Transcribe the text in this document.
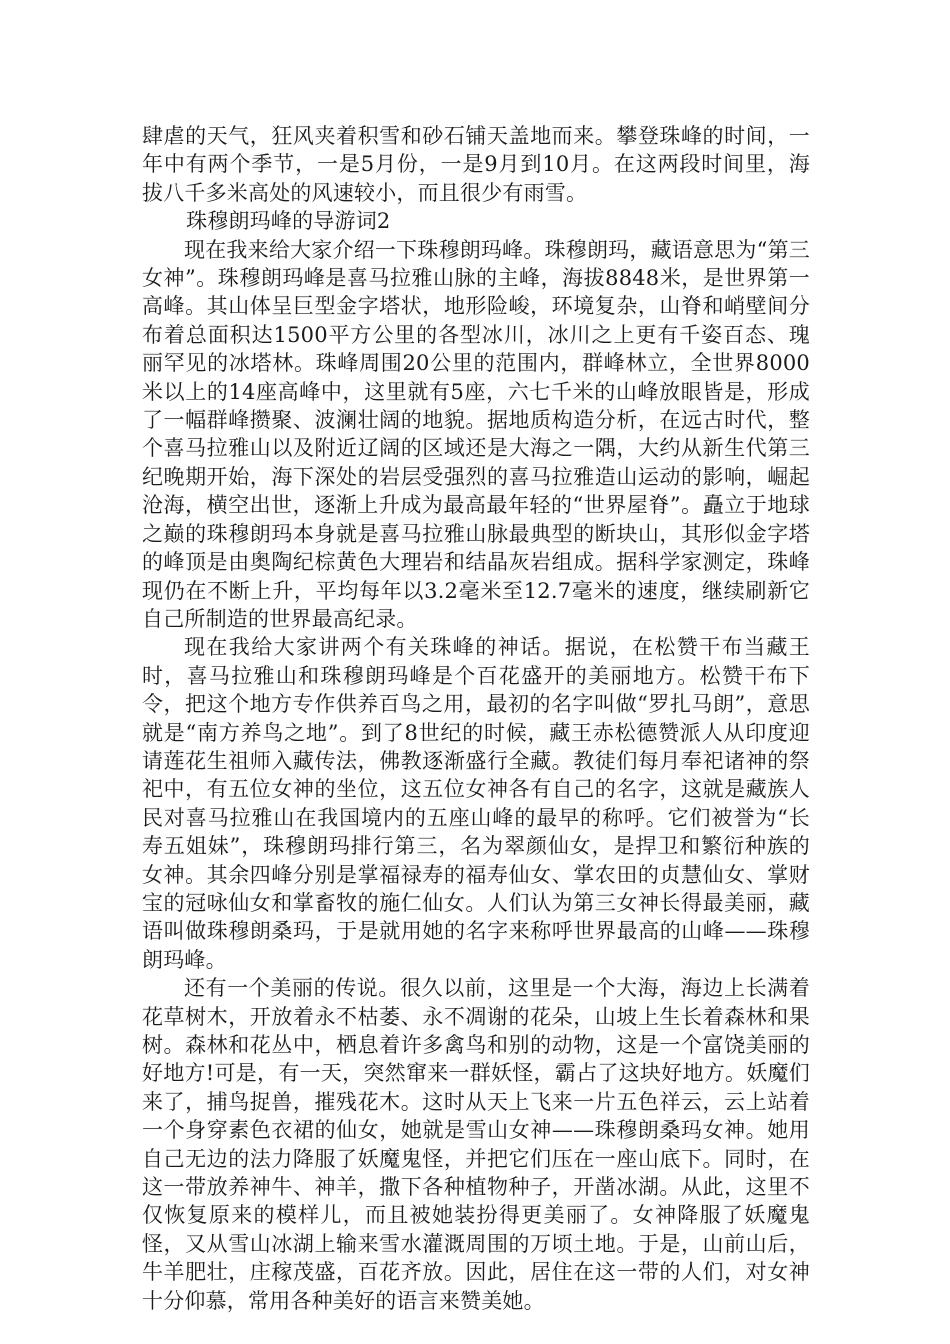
肆虐的天气，狂风夹着积雪和砂石铺天盖地而来。攀登珠峰的时间，一年中有两个季节，一是5月份，一是9月到10月。在这两段时间里，海拔八千多米高处的风速较小，而且很少有雨雪。

珠穆朗玛峰的导游词2

现在我来给大家介绍一下珠穆朗玛峰。珠穆朗玛，藏语意思为“第三女神”。珠穆朗玛峰是喜马拉雅山脉的主峰，海拔8848米，是世界第一高峰。其山体呈巨型金字塔状，地形险峻，环境复杂，山脊和峭壁间分布着总面积达1500平方公里的各型冰川，冰川之上更有千姿百态、瑰丽罕见的冰塔林。珠峰周围20公里的范围内，群峰林立，全世界8000米以上的14座高峰中，这里就有5座，六七千米的山峰放眼皆是，形成了一幅群峰攒聚、波澜壮阔的地貌。据地质构造分析，在远古时代，整个喜马拉雅山以及附近辽阔的区域还是大海之一隅，大约从新生代第三纪晚期开始，海下深处的岩层受强烈的喜马拉雅造山运动的影响，崛起沧海，横空出世，逐渐上升成为最高最年轻的“世界屋脊”。矗立于地球之巅的珠穆朗玛本身就是喜马拉雅山脉最典型的断块山，其形似金字塔的峰顶是由奥陶纪棕黄色大理岩和结晶灰岩组成。据科学家测定，珠峰现仍在不断上升，平均每年以3.2毫米至12.7毫米的速度，继续刷新它自己所制造的世界最高纪录。

现在我给大家讲两个有关珠峰的神话。据说，在松赞干布当藏王时，喜马拉雅山和珠穆朗玛峰是个百花盛开的美丽地方。松赞干布下令，把这个地方专作供养百鸟之用，最初的名字叫做“罗扎马朗”，意思就是“南方养鸟之地”。到了8世纪的时候，藏王赤松德赞派人从印度迎请莲花生祖师入藏传法，佛教逐渐盛行全藏。教徒们每月奉祀诸神的祭祀中，有五位女神的坐位，这五位女神各有自己的名字，这就是藏族人民对喜马拉雅山在我国境内的五座山峰的最早的称呼。它们被誉为“长寿五姐妹”，珠穆朗玛排行第三，名为翠颜仙女，是捍卫和繁衍种族的女神。其余四峰分别是掌福禄寿的福寿仙女、掌农田的贞慧仙女、掌财宝的冠咏仙女和掌畜牧的施仁仙女。人们认为第三女神长得最美丽，藏语叫做珠穆朗桑玛，于是就用她的名字来称呼世界最高的山峰——珠穆朗玛峰。

还有一个美丽的传说。很久以前，这里是一个大海，海边上长满着花草树木，开放着永不枯萎、永不凋谢的花朵，山坡上生长着森林和果树。森林和花丛中，栖息着许多禽鸟和别的动物，这是一个富饶美丽的好地方!可是，有一天，突然窜来一群妖怪，霸占了这块好地方。妖魔们来了，捕鸟捉兽，摧残花木。这时从天上飞来一片五色祥云，云上站着一个身穿素色衣裙的仙女，她就是雪山女神——珠穆朗桑玛女神。她用自己无边的法力降服了妖魔鬼怪，并把它们压在一座山底下。同时，在这一带放养神牛、神羊，撒下各种植物种子，开凿冰湖。从此，这里不仅恢复原来的模样儿，而且被她装扮得更美丽了。女神降服了妖魔鬼怪，又从雪山冰湖上输来雪水灌溉周围的万顷土地。于是，山前山后，牛羊肥壮，庄稼茂盛，百花齐放。因此，居住在这一带的人们，对女神十分仰慕，常用各种美好的语言来赞美她。
